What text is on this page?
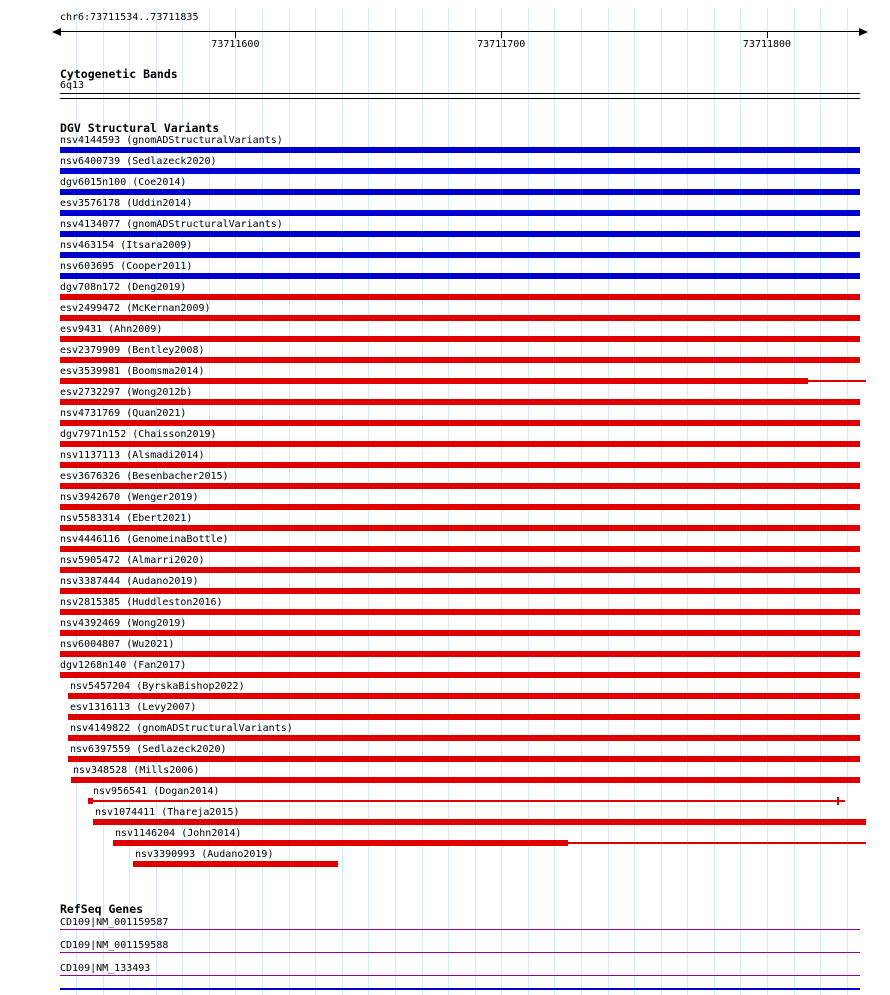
chr6:73711534..73711835
73711600	73711700	73711800
Cytogenetic Bands
6q13
DGV Structural Variants
nsv4144593 (gnomADStructuralVariants)
nsv6400739 (Sedlazeck2020)
dgv6015n100 (Coe2014)
esv3576178 (Uddin2014)
nsv4134077 (gnomADStructuralVariants)
nsv463154 (Itsara2009)
nsv603695 (Cooper2011)
dgv708n172 (Deng2019)
esv2499472 (McKernan2009)
esv9431 (Ahn2009)
esv2379909 (Bentley2008)
esv3539981 (Boomsma2014)
esv2732297 (Wong2012b)
nsv4731769 (Quan2021)
dgv7971n152 (Chaisson2019)
nsv1137113 (Alsmadi2014)
esv3676326 (Besenbacher2015)
nsv3942670 (Wenger2019)
nsv5583314 (Ebert2021)
nsv4446116 (GenomeinaBottle)
nsv5905472 (Almarri2020)
nsv3387444 (Audano2019)
nsv2815385 (Huddleston2016)
nsv4392469 (Wong2019)
nsv6004807 (Wu2021)
dgv1268n140 (Fan2017)
nsv5457204 (ByrskaBishop2022)
esv1316113 (Levy2007)
nsv4149822 (gnomADStructuralVariants)
nsv6397559 (Sedlazeck2020)
nsv348528 (Mills2006)
nsv956541 (Dogan2014)
nsv1074411 (Thareja2015)
nsv1146204 (John2014)
nsv3390993 (Audano2019)
RefSeq Genes
CD109|NM_001159587
CD109|NM_001159588
CD109|NM_133493
